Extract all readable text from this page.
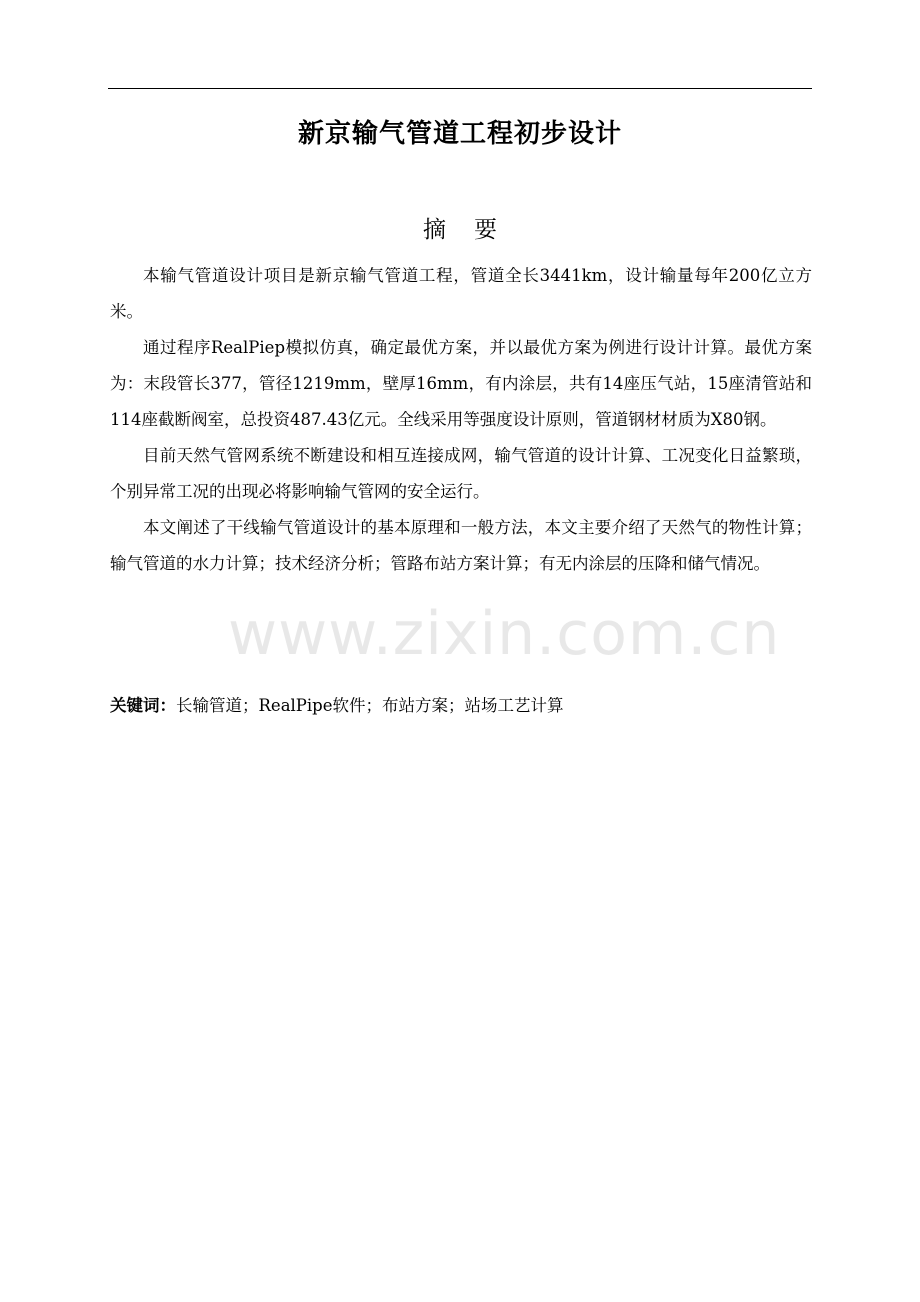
新京输气管道工程初步设计
摘要

本输气管道设计项目是新京输气管道工程，管道全长3441km，设计输量每年200亿立方米。

通过程序RealPiep模拟仿真，确定最优方案，并以最优方案为例进行设计计算。最优方案为：末段管长377，管径1219mm，壁厚16mm，有内涂层，共有14座压气站，15座清管站和114座截断阀室，总投资487.43亿元。全线采用等强度设计原则，管道钢材材质为X80钢。

目前天然气管网系统不断建设和相互连接成网，输气管道的设计计算、工况变化日益繁琐，个别异常工况的出现必将影响输气管网的安全运行。

本文阐述了干线输气管道设计的基本原理和一般方法，本文主要介绍了天然气的物性计算；输气管道的水力计算；技术经济分析；管路布站方案计算；有无内涂层的压降和储气情况。

关键词：长输管道；RealPipe软件；布站方案；站场工艺计算
www.zixin.com.cn
